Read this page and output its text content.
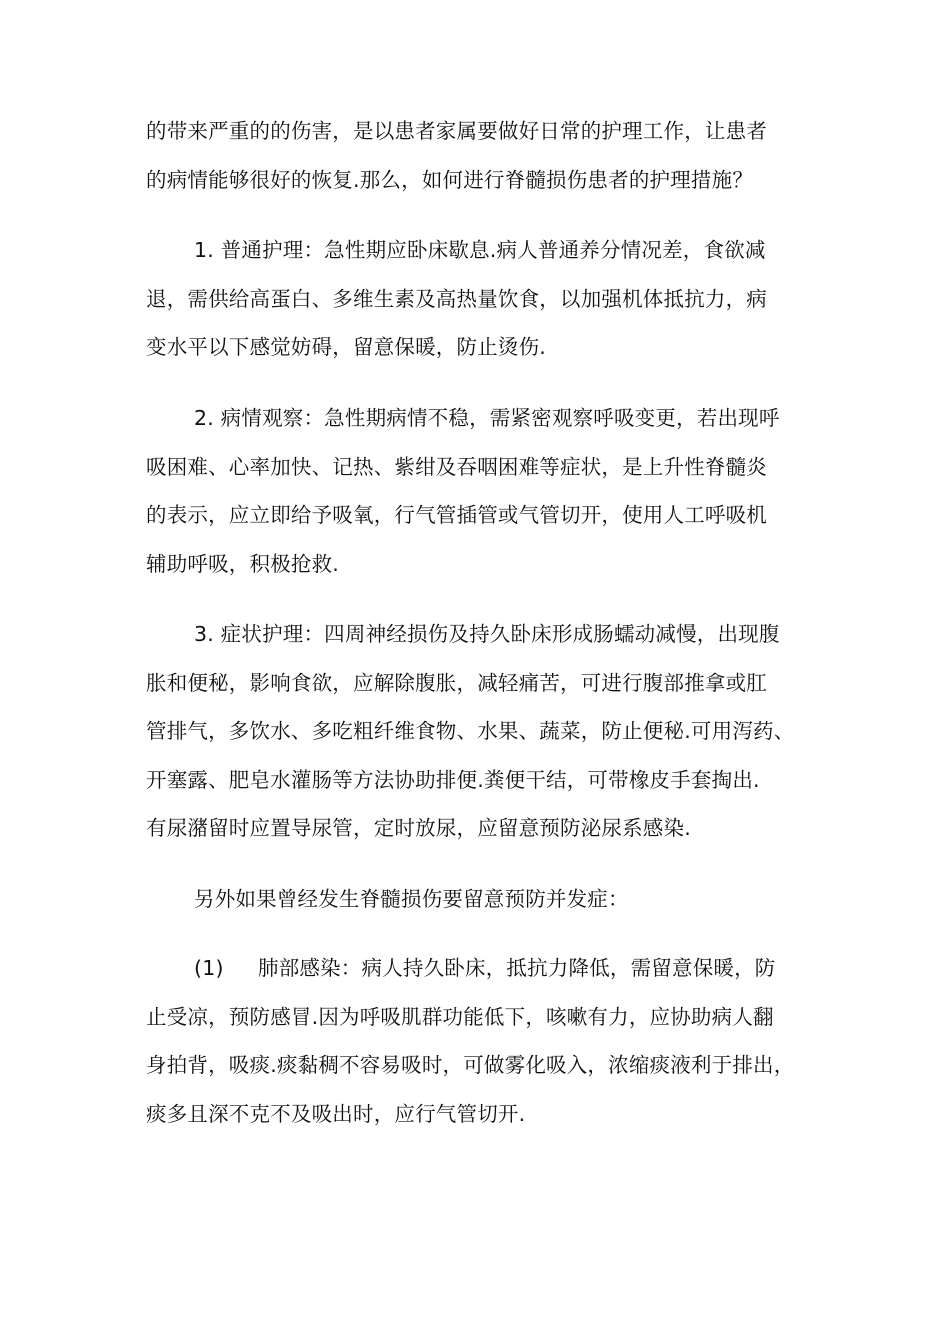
的带来严重的的伤害，是以患者家属要做好日常的护理工作，让患者
的病情能够很好的恢复.那么，如何进行脊髓损伤患者的护理措施？
1. 普通护理：急性期应卧床歇息.病人普通养分情况差，食欲减
退，需供给高蛋白、多维生素及高热量饮食，以加强机体抵抗力，病
变水平以下感觉妨碍，留意保暖，防止烫伤.
2. 病情观察：急性期病情不稳，需紧密观察呼吸变更，若出现呼
吸困难、心率加快、记热、紫绀及吞咽困难等症状，是上升性脊髓炎
的表示，应立即给予吸氧，行气管插管或气管切开，使用人工呼吸机
辅助呼吸，积极抢救.
3. 症状护理：四周神经损伤及持久卧床形成肠蠕动减慢，出现腹
胀和便秘，影响食欲，应解除腹胀，减轻痛苦，可进行腹部推拿或肛
管排气，多饮水、多吃粗纤维食物、水果、蔬菜，防止便秘.可用泻药、
开塞露、肥皂水灌肠等方法协助排便.粪便干结，可带橡皮手套掏出.
有尿潴留时应置导尿管，定时放尿，应留意预防泌尿系感染.
另外如果曾经发生脊髓损伤要留意预防并发症：
(1) 肺部感染：病人持久卧床，抵抗力降低，需留意保暖，防
止受凉，预防感冒.因为呼吸肌群功能低下，咳嗽有力，应协助病人翻
身拍背，吸痰.痰黏稠不容易吸时，可做雾化吸入，浓缩痰液利于排出，
痰多且深不克不及吸出时，应行气管切开.
